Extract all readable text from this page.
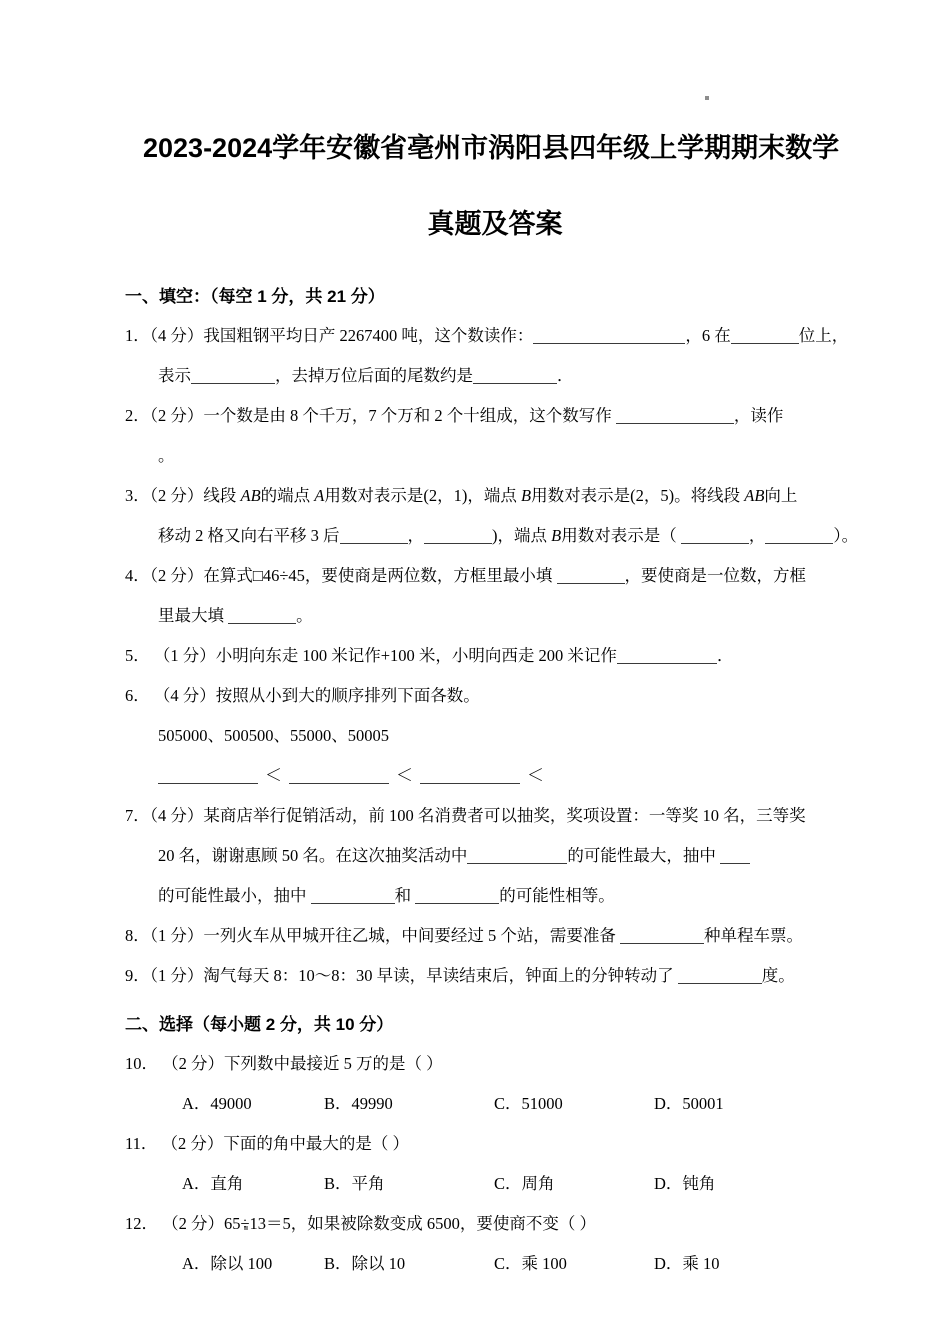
2023-2024学年安徽省亳州市涡阳县四年级上学期期末数学
真题及答案
一、填空：（每空 1 分，共 21 分）
1．（4 分）我国粗钢平均日产 2267400 吨，这个数读作：	，6 在	位上，
表示	，去掉万位后面的尾数约是	．
2．（2 分）一个数是由 8 个千万，7 个万和 2 个十组成，这个数写作	，读作
。
3．（2 分）线段 AB的端点 A用数对表示是(2，1)，端点 B用数对表示是(2，5)。将线段 AB向上
移动 2 格又向右平移 3 后	，	)，端点 B用数对表示是（	，	）。
4．（2 分）在算式□46÷45，要使商是两位数，方框里最小填	，要使商是一位数，方框
里最大填	。
5． （1 分）小明向东走 100 米记作+100 米，小明向西走 200 米记作	．
6． （4 分）按照从小到大的顺序排列下面各数。
505000、500500、55000、50005
＜	＜	＜
7．（4 分）某商店举行促销活动，前 100 名消费者可以抽奖，奖项设置：一等奖 10 名，三等奖
20 名，谢谢惠顾 50 名。在这次抽奖活动中	的可能性最大，抽中
的可能性最小，抽中	和	的可能性相等。
8．（1 分）一列火车从甲城开往乙城，中间要经过 5 个站，需要准备	种单程车票。
9．（1 分）淘气每天 8：10～8：30 早读，早读结束后，钟面上的分钟转动了	度。
二、选择（每小题 2 分，共 10 分）
10． （2 分）下列数中最接近 5 万的是（ ）
A．49000	B．49990	C．51000	D．50001
11． （2 分）下面的角中最大的是（ ）
A．直角	B．平角	C．周角	D．钝角
12． （2 分）65÷13＝5，如果被除数变成 6500，要使商不变（ ）
A．除以 100	B．除以 10	C．乘 100	D．乘 10
